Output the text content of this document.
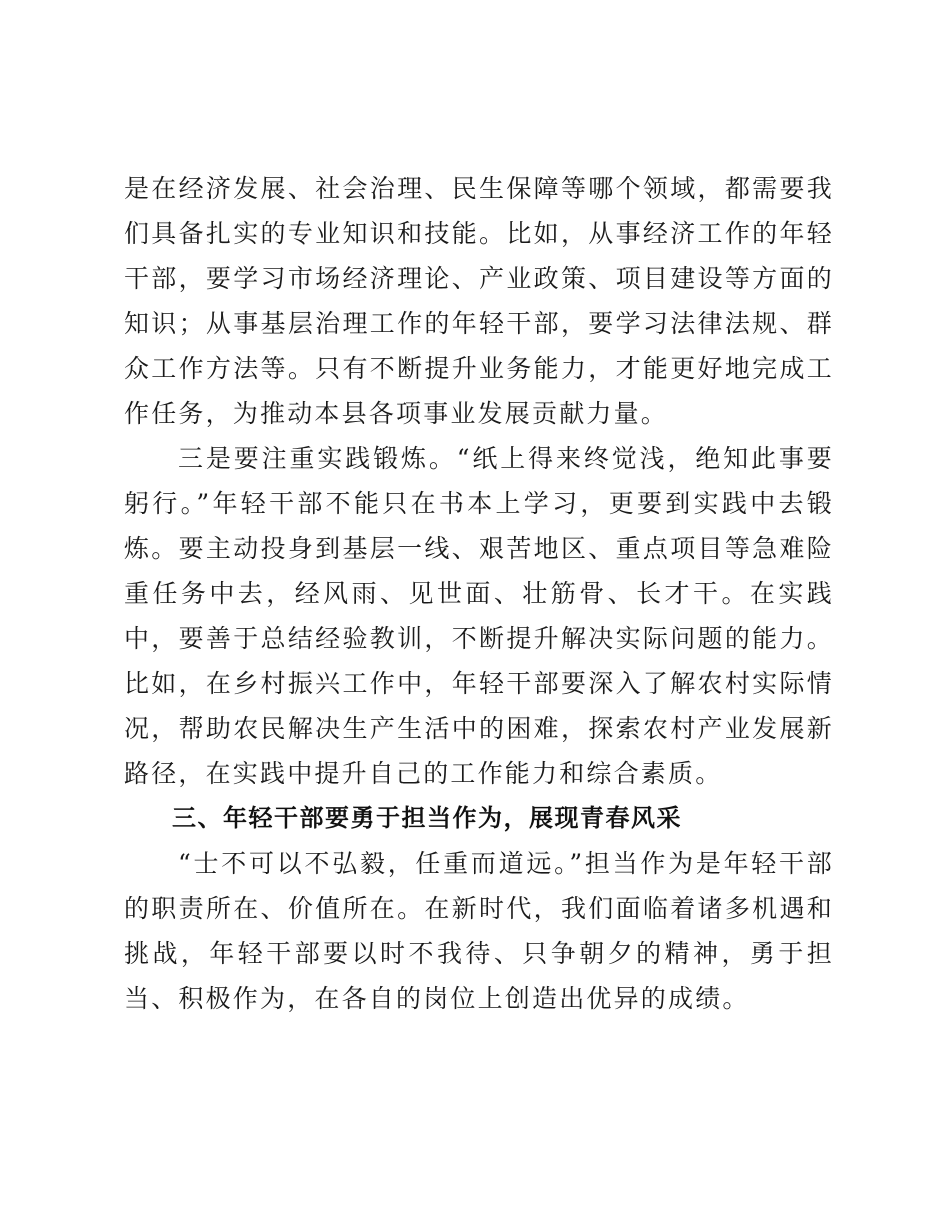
是在经济发展、社会治理、民生保障等哪个领域，都需要我们具备扎实的专业知识和技能。比如，从事经济工作的年轻干部，要学习市场经济理论、产业政策、项目建设等方面的知识；从事基层治理工作的年轻干部，要学习法律法规、群众工作方法等。只有不断提升业务能力，才能更好地完成工作任务，为推动本县各项事业发展贡献力量。

三是要注重实践锻炼。“纸上得来终觉浅，绝知此事要躬行。”年轻干部不能只在书本上学习，更要到实践中去锻炼。要主动投身到基层一线、艰苦地区、重点项目等急难险重任务中去，经风雨、见世面、壮筋骨、长才干。在实践中，要善于总结经验教训，不断提升解决实际问题的能力。比如，在乡村振兴工作中，年轻干部要深入了解农村实际情况，帮助农民解决生产生活中的困难，探索农村产业发展新路径，在实践中提升自己的工作能力和综合素质。

三、年轻干部要勇于担当作为，展现青春风采

“士不可以不弘毅，任重而道远。”担当作为是年轻干部的职责所在、价值所在。在新时代，我们面临着诸多机遇和挑战，年轻干部要以时不我待、只争朝夕的精神，勇于担当、积极作为，在各自的岗位上创造出优异的成绩。
